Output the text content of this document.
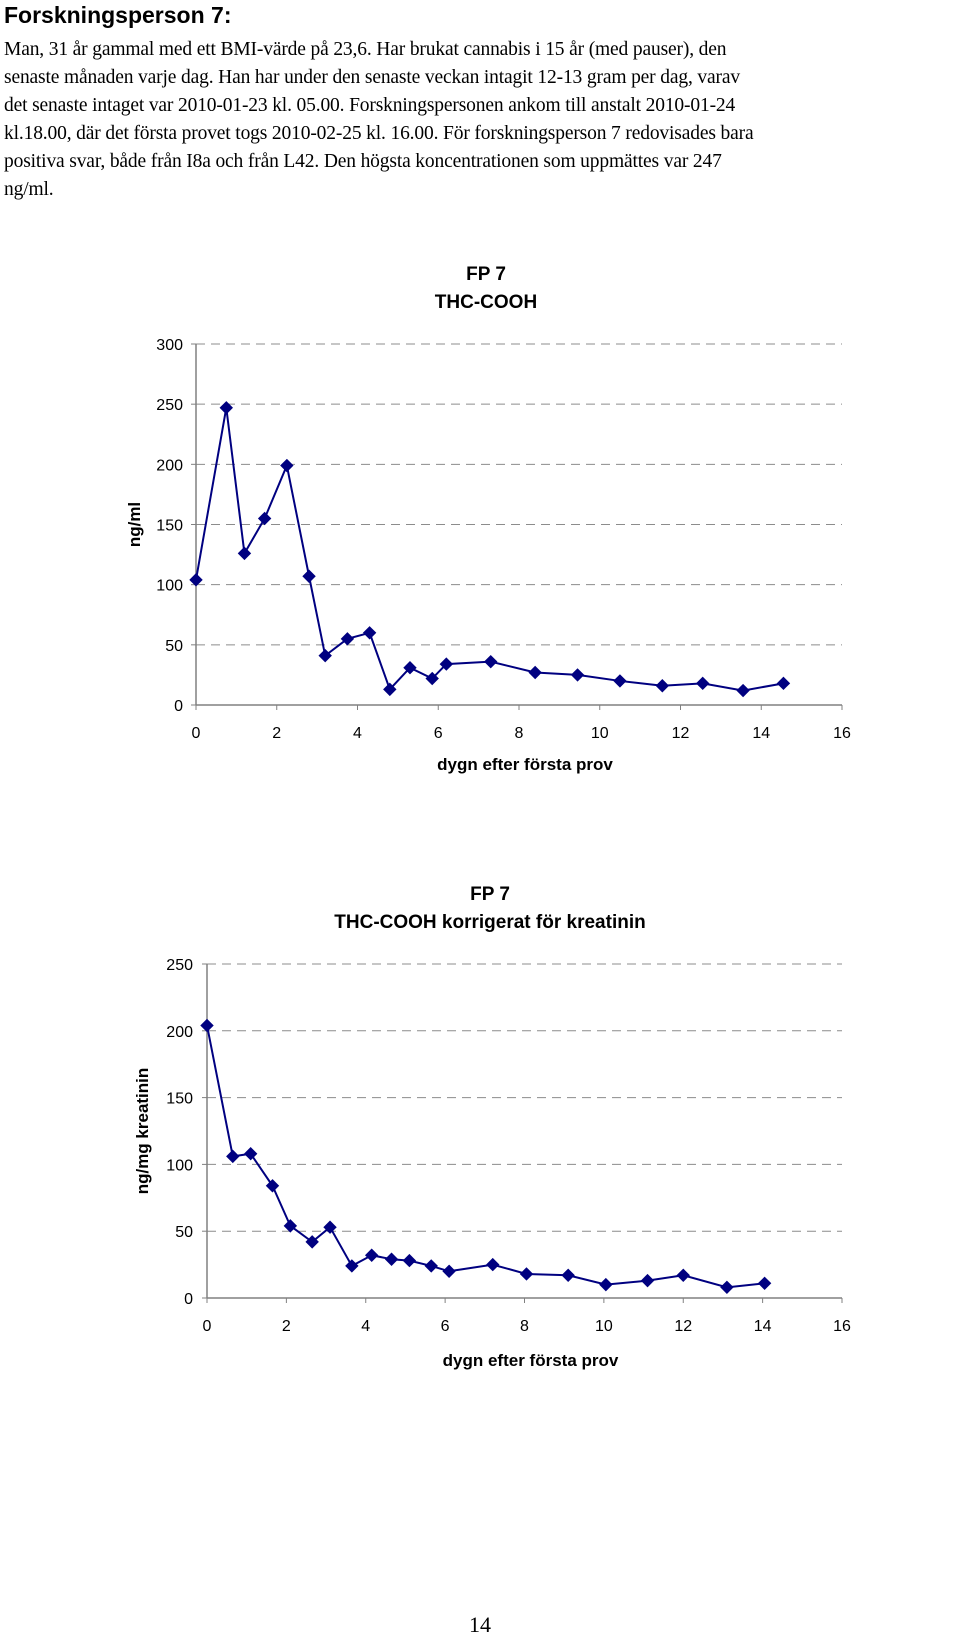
Forskningsperson 7:

Man, 31 år gammal med ett BMI-värde på 23,6. Har brukat cannabis i 15 år (med pauser), den
senaste månaden varje dag. Han har under den senaste veckan intagit 12-13 gram per dag, varav
det senaste intaget var 2010-01-23 kl. 05.00. Forskningspersonen ankom till anstalt 2010-01-24
kl.18.00, där det första provet togs 2010-02-25 kl. 16.00. För forskningsperson 7 redovisades bara
positiva svar, både från I8a och från L42. Den högsta koncentrationen som uppmättes var 247
ng/ml.

FP 7
THC-COOH
0
50
100
150
200
250
300
0	2	4	6	8	10	12	14	16
dygn efter första prov
ng/ml
FP 7
THC-COOH korrigerat för kreatinin
0
50
100
150
200
250
0	2	4	6	8	10	12	14	16
dygn efter första prov
ng/mg kreatinin

14
